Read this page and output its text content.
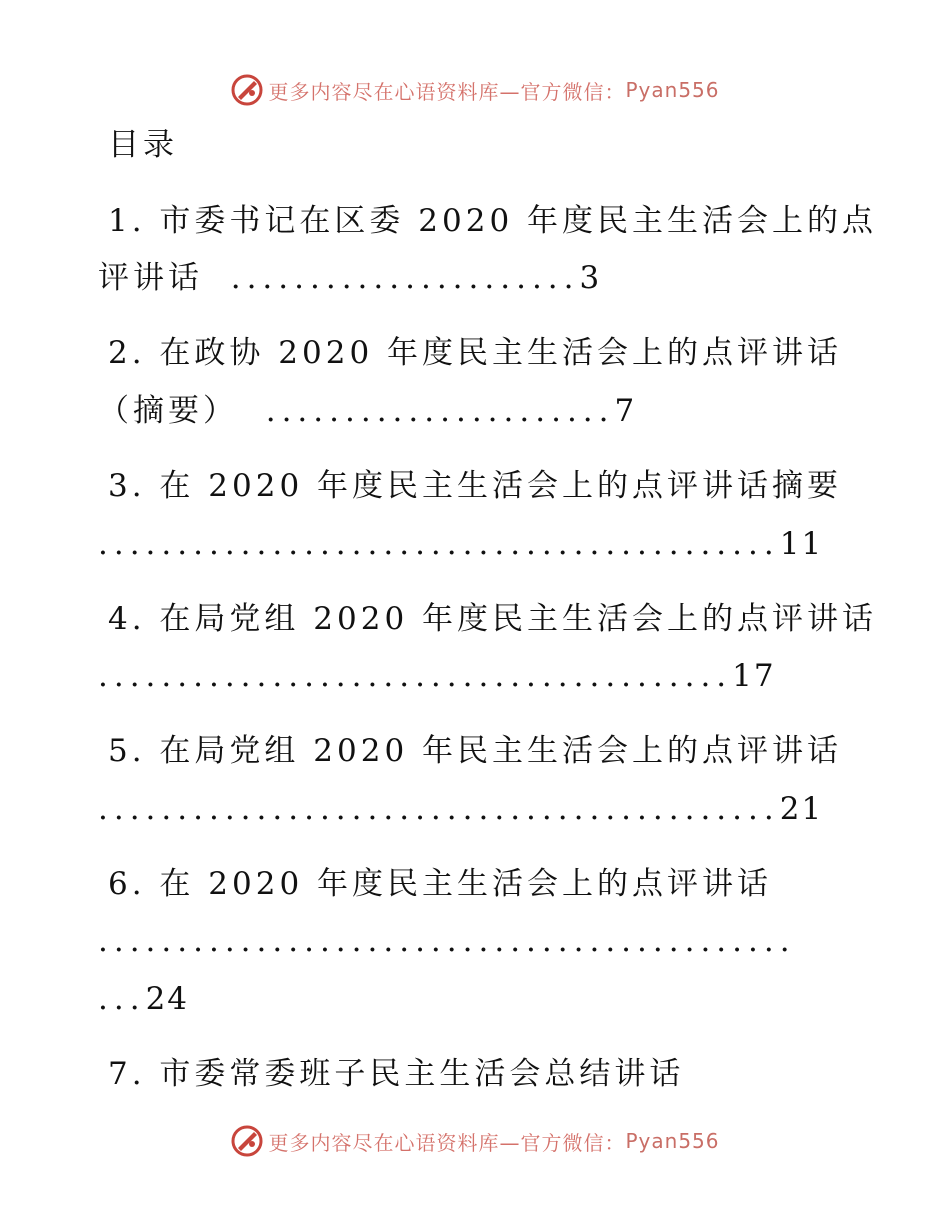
更多内容尽在心语资料库—官方微信： Pyan556
目录
1. 市委书记在区委 2020 年度民主生活会上的点
评讲话 ......................3
2. 在政协 2020 年度民主生活会上的点评讲话
（摘要） ......................7
3. 在 2020 年度民主生活会上的点评讲话摘要
...........................................11
4. 在局党组 2020 年度民主生活会上的点评讲话
........................................17
5. 在局党组 2020 年民主生活会上的点评讲话
...........................................21
6. 在 2020 年度民主生活会上的点评讲话
............................................
...24
7. 市委常委班子民主生活会总结讲话
更多内容尽在心语资料库—官方微信： Pyan556
